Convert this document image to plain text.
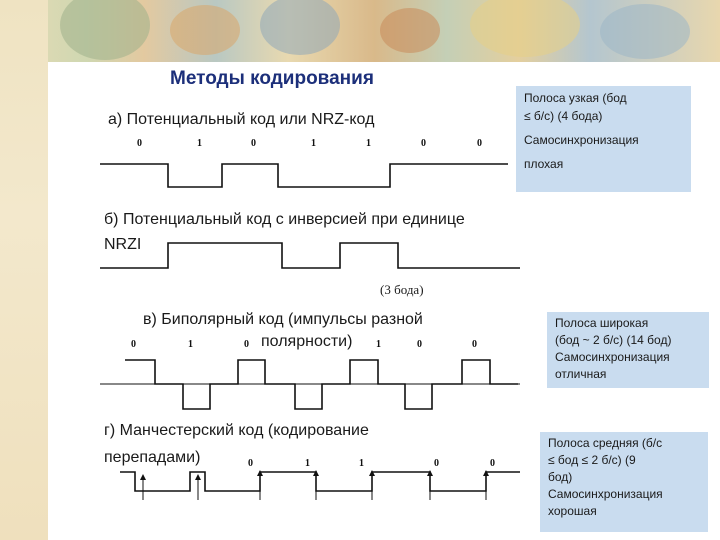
Методы кодирования
а) Потенциальный код или NRZ-код
б) Потенциальный код с инверсией при единице
NRZI
(3 бода)
в) Биполярный код (импульсы разной
полярности)
г) Манчестерский код (кодирование
перепадами)
0	1	0	1	1	0	0
0	1	0	1	0	0
0	1	1	0	0
Полоса узкая (бод
≤ б/с) (4 бода)
Самосинхронизация
плохая
Полоса широкая
(бод ~ 2 б/с) (14 бод)
Самосинхронизация
отличная
Полоса средняя (б/с
≤ бод ≤ 2 б/с) (9
бод)
Самосинхронизация
хорошая
